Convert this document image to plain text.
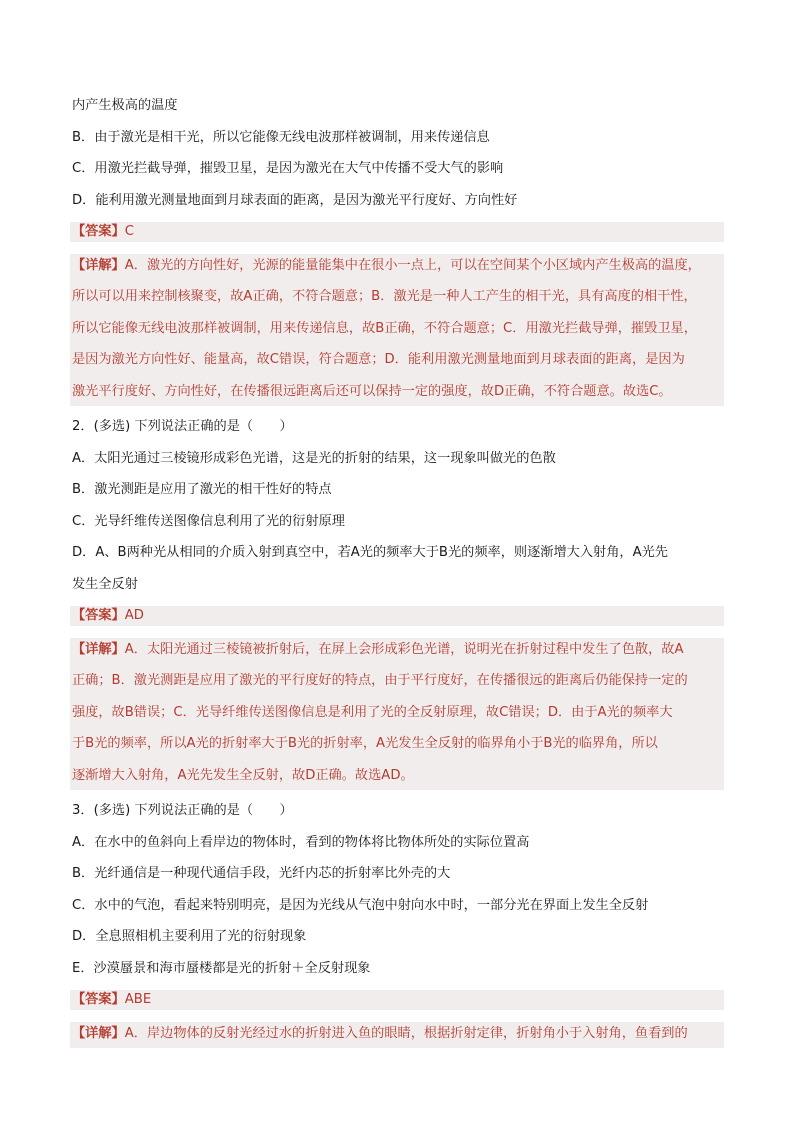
内产生极高的温度
B．由于激光是相干光，所以它能像无线电波那样被调制，用来传递信息
C．用激光拦截导弹，摧毁卫星，是因为激光在大气中传播不受大气的影响
D．能利用激光测量地面到月球表面的距离，是因为激光平行度好、方向性好
【答案】C
【详解】A．激光的方向性好，光源的能量能集中在很小一点上，可以在空间某个小区域内产生极高的温度，
所以可以用来控制核聚变，故A正确，不符合题意；B．激光是一种人工产生的相干光，具有高度的相干性，
所以它能像无线电波那样被调制，用来传递信息，故B正确，不符合题意；C．用激光拦截导弹，摧毁卫星，
是因为激光方向性好、能量高，故C错误，符合题意；D．能利用激光测量地面到月球表面的距离，是因为
激光平行度好、方向性好，在传播很远距离后还可以保持一定的强度，故D正确，不符合题意。故选C。
2．(多选) 下列说法正确的是（　　）
A．太阳光通过三棱镜形成彩色光谱，这是光的折射的结果，这一现象叫做光的色散
B．激光测距是应用了激光的相干性好的特点
C．光导纤维传送图像信息利用了光的衍射原理
D．A、B两种光从相同的介质入射到真空中，若A光的频率大于B光的频率，则逐渐增大入射角，A光先
发生全反射
【答案】AD
【详解】A．太阳光通过三棱镜被折射后，在屏上会形成彩色光谱，说明光在折射过程中发生了色散，故A
正确；B．激光测距是应用了激光的平行度好的特点，由于平行度好，在传播很远的距离后仍能保持一定的
强度，故B错误；C．光导纤维传送图像信息是利用了光的全反射原理，故C错误；D．由于A光的频率大
于B光的频率，所以A光的折射率大于B光的折射率，A光发生全反射的临界角小于B光的临界角，所以
逐渐增大入射角，A光先发生全反射，故D正确。故选AD。
3．(多选) 下列说法正确的是（　　）
A．在水中的鱼斜向上看岸边的物体时，看到的物体将比物体所处的实际位置高
B．光纤通信是一种现代通信手段，光纤内芯的折射率比外壳的大
C．水中的气泡，看起来特别明亮，是因为光线从气泡中射向水中时，一部分光在界面上发生全反射
D．全息照相机主要利用了光的衍射现象
E．沙漠蜃景和海市蜃楼都是光的折射＋全反射现象
【答案】ABE
【详解】A．岸边物体的反射光经过水的折射进入鱼的眼睛，根据折射定律，折射角小于入射角，鱼看到的
